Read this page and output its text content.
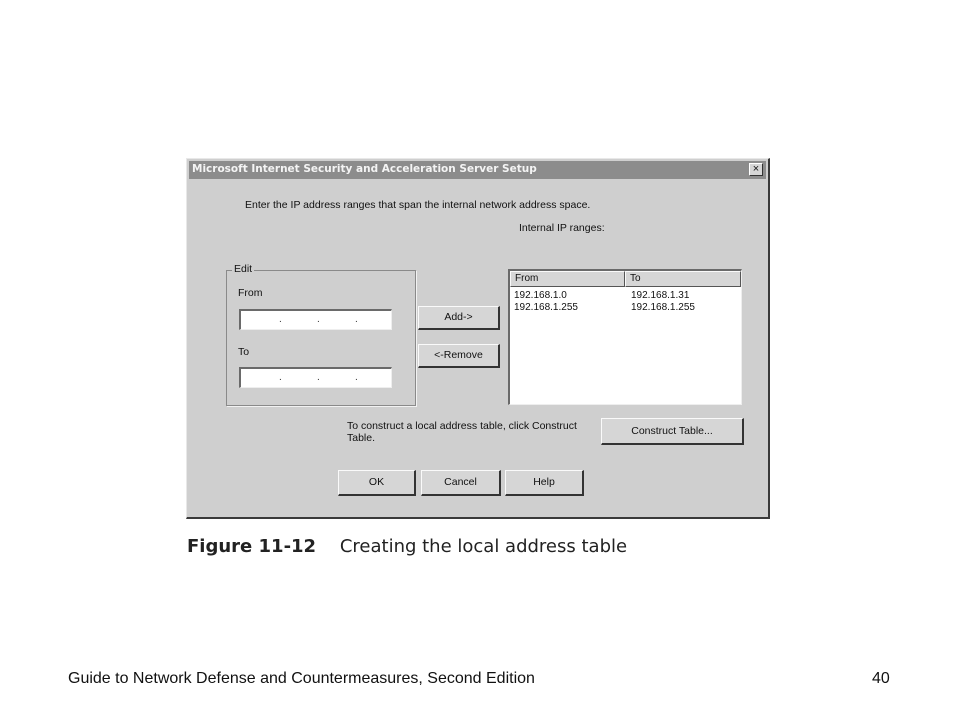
Microsoft Internet Security and Acceleration Server Setup	×
Enter the IP address ranges that span the internal network address space.
Internal IP ranges:
Edit
From
.	.	.
To
.	.	.
Add->
<-Remove
From	To
192.168.1.0	192.168.1.31
192.168.1.255	192.168.1.255
To construct a local address table, click Construct
Table.
Construct Table...
OK	Cancel	Help
Figure 11-12 Creating the local address table
Guide to Network Defense and Countermeasures, Second Edition	40
